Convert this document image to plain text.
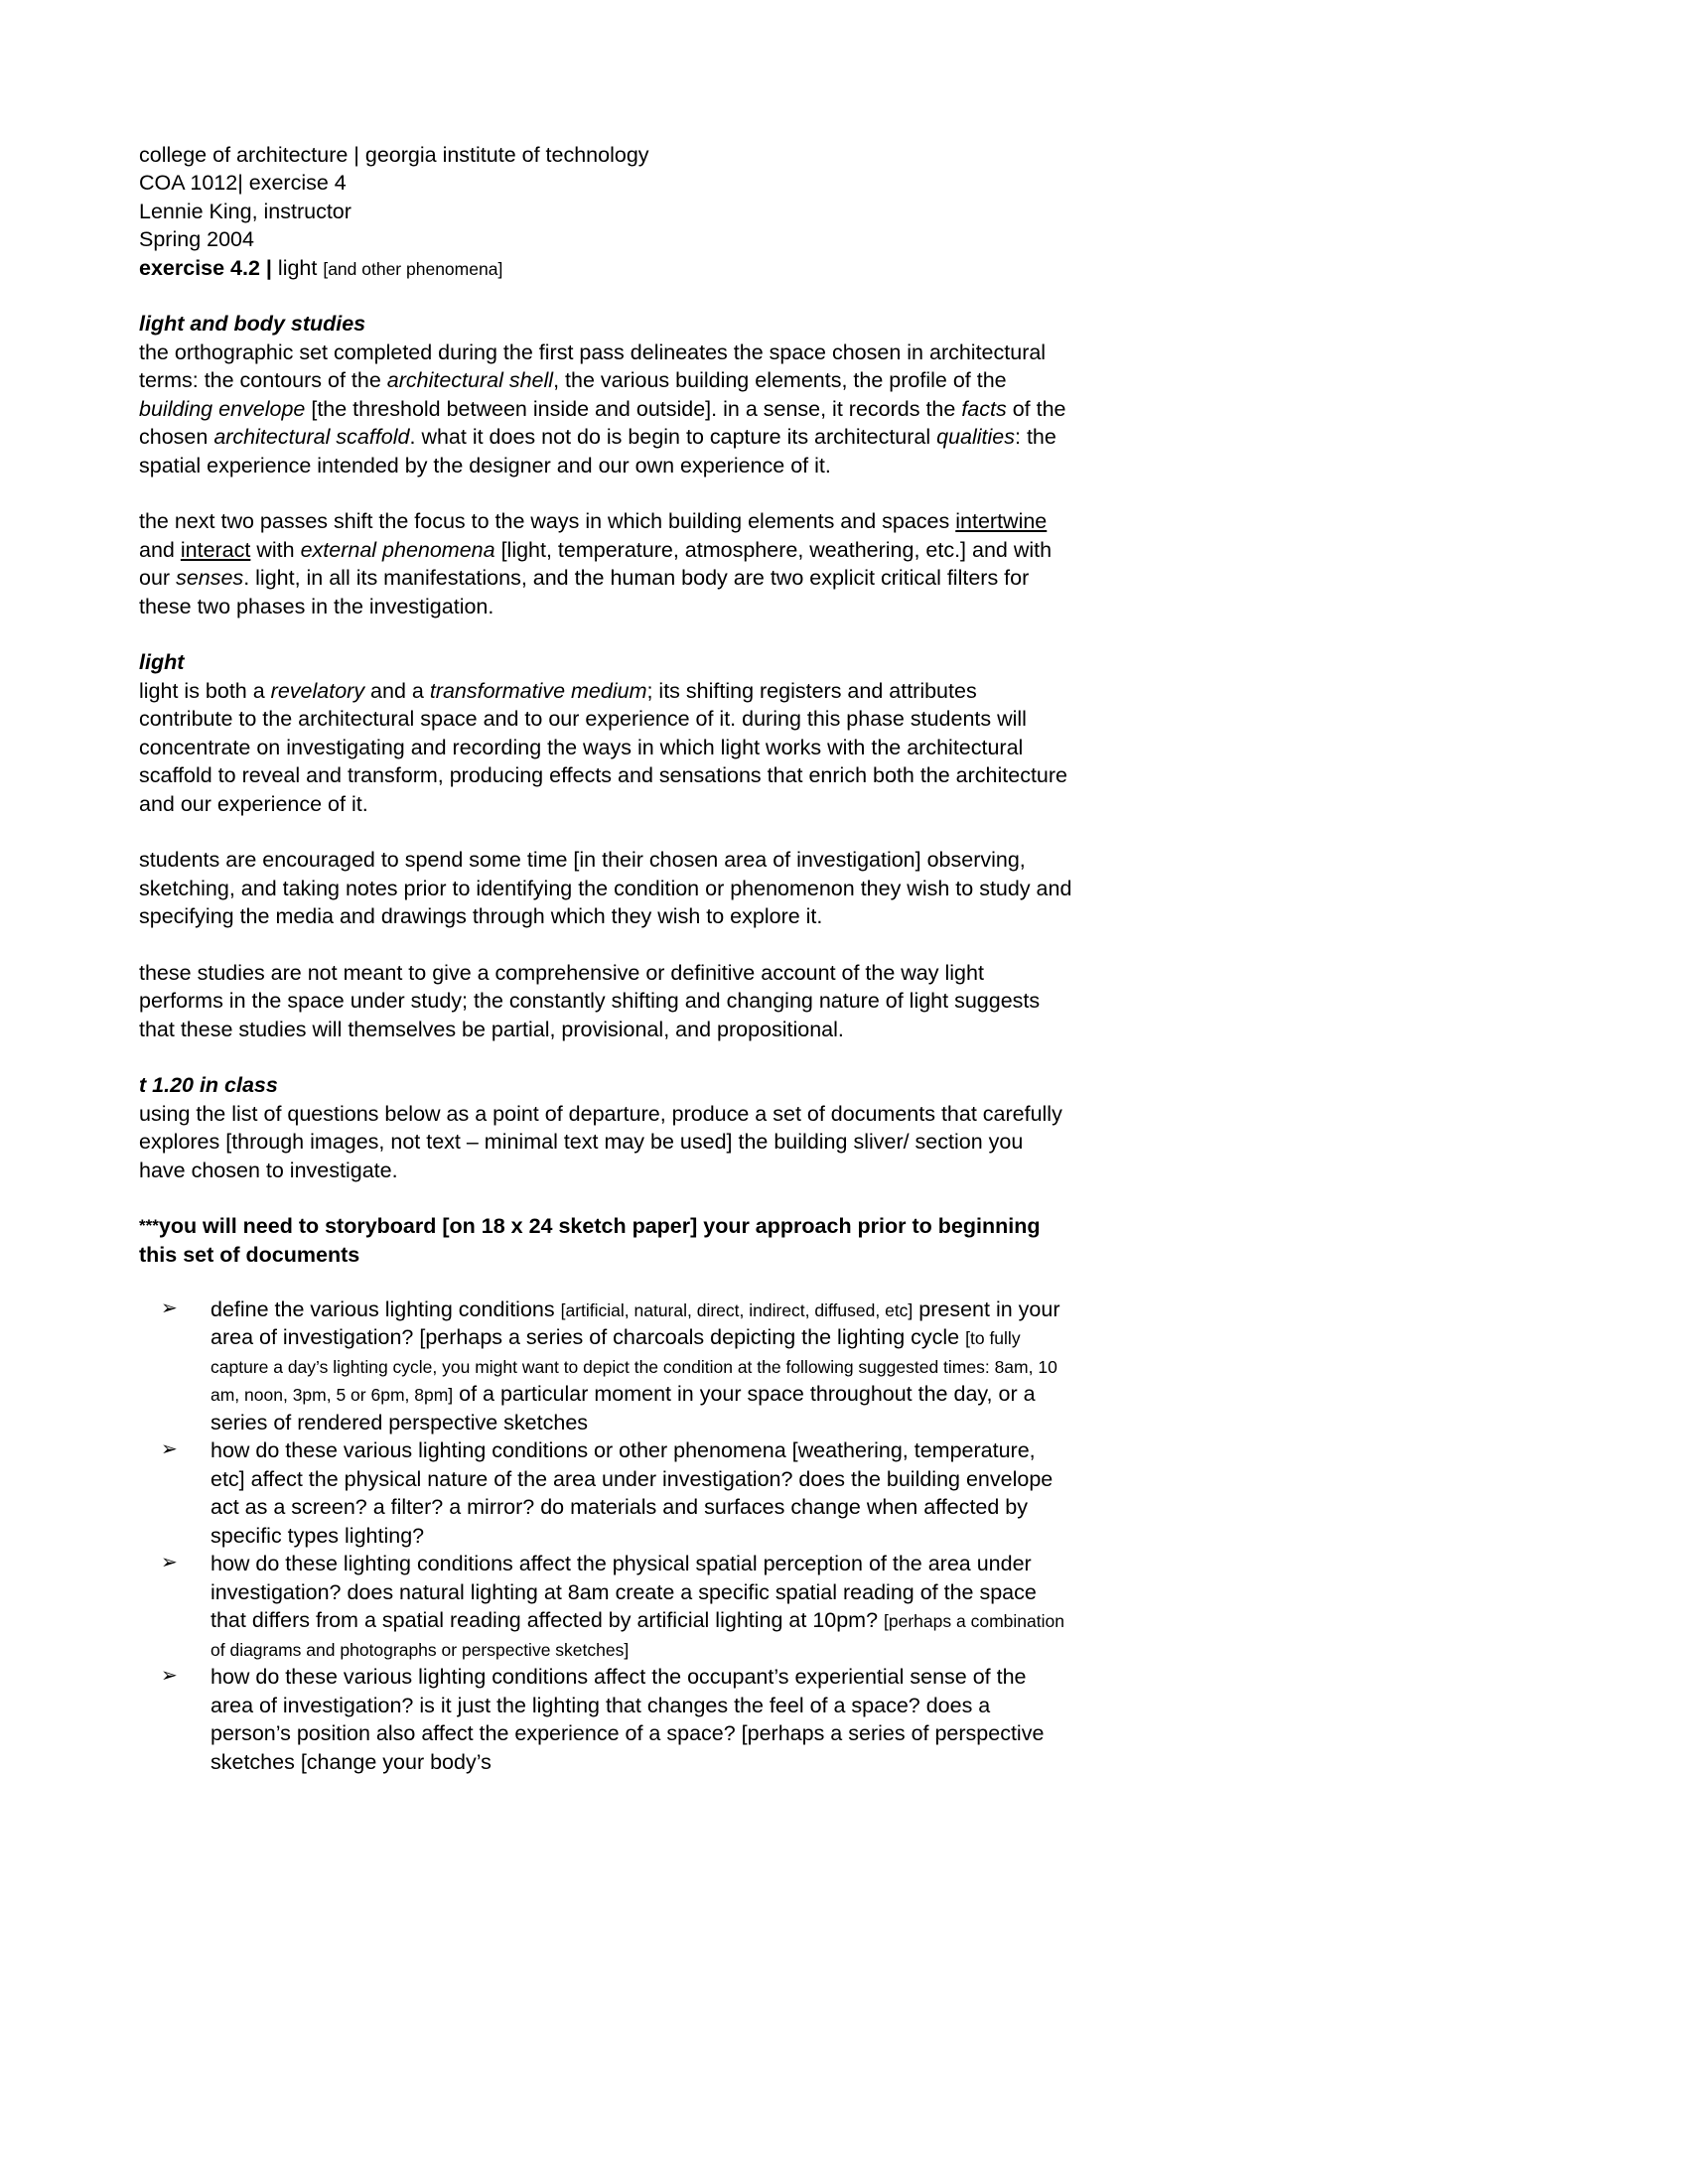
college of architecture | georgia institute of technology
COA 1012| exercise 4
Lennie King, instructor
Spring 2004
exercise 4.2 | light [and other phenomena]
light and body studies

the orthographic set completed during the first pass delineates the space chosen in architectural terms: the contours of the architectural shell, the various building elements, the profile of the building envelope [the threshold between inside and outside]. in a sense, it records the facts of the chosen architectural scaffold. what it does not do is begin to capture its architectural qualities: the spatial experience intended by the designer and our own experience of it.

the next two passes shift the focus to the ways in which building elements and spaces intertwine and interact with external phenomena [light, temperature, atmosphere, weathering, etc.] and with our senses. light, in all its manifestations, and the human body are two explicit critical filters for these two phases in the investigation.

light

light is both a revelatory and a transformative medium; its shifting registers and attributes contribute to the architectural space and to our experience of it. during this phase students will concentrate on investigating and recording the ways in which light works with the architectural scaffold to reveal and transform, producing effects and sensations that enrich both the architecture and our experience of it.

students are encouraged to spend some time [in their chosen area of investigation] observing, sketching, and taking notes prior to identifying the condition or phenomenon they wish to study and specifying the media and drawings through which they wish to explore it.

these studies are not meant to give a comprehensive or definitive account of the way light performs in the space under study; the constantly shifting and changing nature of light suggests that these studies will themselves be partial, provisional, and propositional.

t 1.20 in class

using the list of questions below as a point of departure, produce a set of documents that carefully explores [through images, not text – minimal text may be used] the building sliver/ section you have chosen to investigate.

***you will need to storyboard [on 18 x 24 sketch paper] your approach prior to beginning this set of documents

➢ define the various lighting conditions [artificial, natural, direct, indirect, diffused, etc] present in your area of investigation? [perhaps a series of charcoals depicting the lighting cycle [to fully capture a day’s lighting cycle, you might want to depict the condition at the following suggested times: 8am, 10 am, noon, 3pm, 5 or 6pm, 8pm] of a particular moment in your space throughout the day, or a series of rendered perspective sketches
➢ how do these various lighting conditions or other phenomena [weathering, temperature, etc] affect the physical nature of the area under investigation? does the building envelope act as a screen? a filter? a mirror? do materials and surfaces change when affected by specific types lighting?
➢ how do these lighting conditions affect the physical spatial perception of the area under investigation? does natural lighting at 8am create a specific spatial reading of the space that differs from a spatial reading affected by artificial lighting at 10pm? [perhaps a combination of diagrams and photographs or perspective sketches]
➢ how do these various lighting conditions affect the occupant’s experiential sense of the area of investigation? is it just the lighting that changes the feel of a space? does a person’s position also affect the experience of a space? [perhaps a series of perspective sketches [change your body’s
